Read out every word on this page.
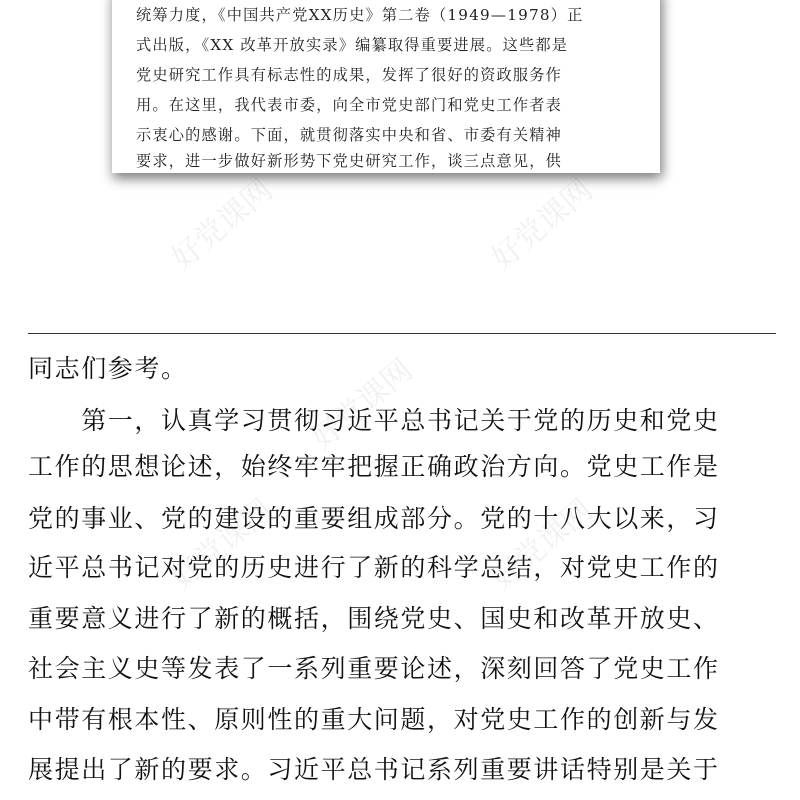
统筹力度，《中国共产党XX历史》第二卷（1949—1978）正
式出版，《XX 改革开放实录》编纂取得重要进展。这些都是
党史研究工作具有标志性的成果，发挥了很好的资政服务作
用。在这里，我代表市委，向全市党史部门和党史工作者表
示衷心的感谢。下面，就贯彻落实中央和省、市委有关精神
要求，进一步做好新形势下党史研究工作，谈三点意见，供
好党课网	好党课网
好党课网
好党课网	好党课网
同志们参考。
　　第一，认真学习贯彻习近平总书记关于党的历史和党史
工作的思想论述，始终牢牢把握正确政治方向。党史工作是
党的事业、党的建设的重要组成部分。党的十八大以来，习
近平总书记对党的历史进行了新的科学总结，对党史工作的
重要意义进行了新的概括，围绕党史、国史和改革开放史、
社会主义史等发表了一系列重要论述，深刻回答了党史工作
中带有根本性、原则性的重大问题，对党史工作的创新与发
展提出了新的要求。习近平总书记系列重要讲话特别是关于
